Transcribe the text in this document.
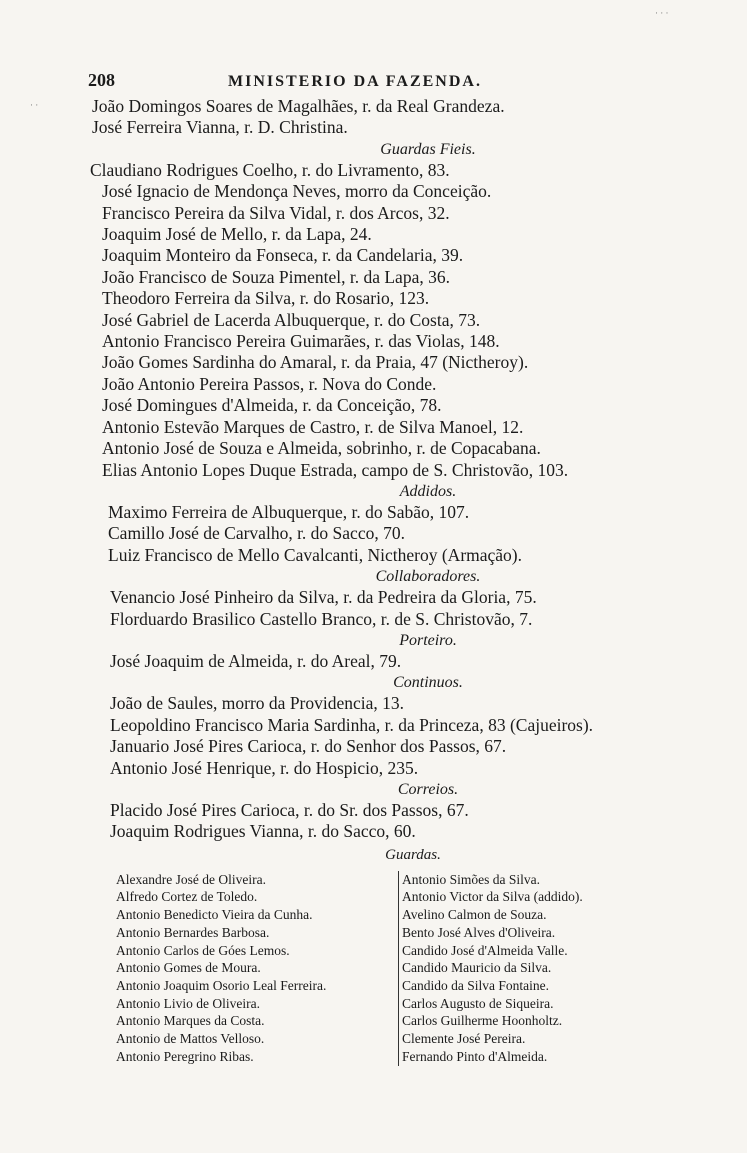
· · ·
· ·
208	MINISTERIO DA FAZENDA.
João Domingos Soares de Magalhães, r. da Real Grandeza.
José Ferreira Vianna, r. D. Christina.
Guardas Fieis.
Claudiano Rodrigues Coelho, r. do Livramento, 83.
José Ignacio de Mendonça Neves, morro da Conceição.
Francisco Pereira da Silva Vidal, r. dos Arcos, 32.
Joaquim José de Mello, r. da Lapa, 24.
Joaquim Monteiro da Fonseca, r. da Candelaria, 39.
João Francisco de Souza Pimentel, r. da Lapa, 36.
Theodoro Ferreira da Silva, r. do Rosario, 123.
José Gabriel de Lacerda Albuquerque, r. do Costa, 73.
Antonio Francisco Pereira Guimarães, r. das Violas, 148.
João Gomes Sardinha do Amaral, r. da Praia, 47 (Nictheroy).
João Antonio Pereira Passos, r. Nova do Conde.
José Domingues d'Almeida, r. da Conceição, 78.
Antonio Estevão Marques de Castro, r. de Silva Manoel, 12.
Antonio José de Souza e Almeida, sobrinho, r. de Copacabana.
Elias Antonio Lopes Duque Estrada, campo de S. Christovão, 103.
Addidos.
Maximo Ferreira de Albuquerque, r. do Sabão, 107.
Camillo José de Carvalho, r. do Sacco, 70.
Luiz Francisco de Mello Cavalcanti, Nictheroy (Armação).
Collaboradores.
Venancio José Pinheiro da Silva, r. da Pedreira da Gloria, 75.
Florduardo Brasilico Castello Branco, r. de S. Christovão, 7.
Porteiro.
José Joaquim de Almeida, r. do Areal, 79.
Continuos.
João de Saules, morro da Providencia, 13.
Leopoldino Francisco Maria Sardinha, r. da Princeza, 83 (Cajueiros).
Januario José Pires Carioca, r. do Senhor dos Passos, 67.
Antonio José Henrique, r. do Hospicio, 235.
Correios.
Placido José Pires Carioca, r. do Sr. dos Passos, 67.
Joaquim Rodrigues Vianna, r. do Sacco, 60.
Guardas.
Alexandre José de Oliveira.
Alfredo Cortez de Toledo.
Antonio Benedicto Vieira da Cunha.
Antonio Bernardes Barbosa.
Antonio Carlos de Góes Lemos.
Antonio Gomes de Moura.
Antonio Joaquim Osorio Leal Ferreira.
Antonio Livio de Oliveira.
Antonio Marques da Costa.
Antonio de Mattos Velloso.
Antonio Peregrino Ribas.
Antonio Simões da Silva.
Antonio Victor da Silva (addido).
Avelino Calmon de Souza.
Bento José Alves d'Oliveira.
Candido José d'Almeida Valle.
Candido Mauricio da Silva.
Candido da Silva Fontaine.
Carlos Augusto de Siqueira.
Carlos Guilherme Hoonholtz.
Clemente José Pereira.
Fernando Pinto d'Almeida.
